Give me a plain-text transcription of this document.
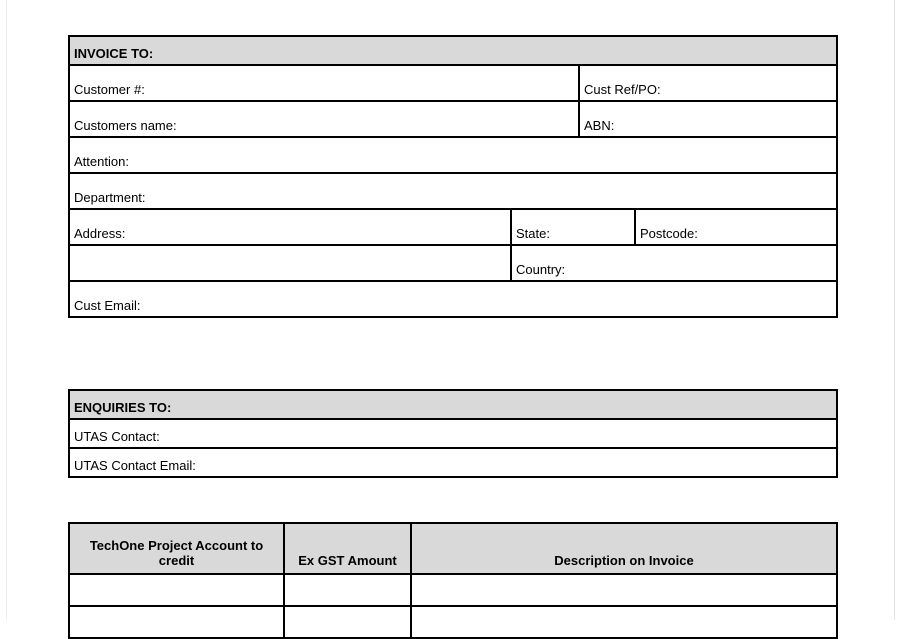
INVOICE TO:			
Customer #:		Cust Ref/PO:	
Customers name:		ABN:	
Attention:			
Department:			
Address:	State:		Postcode:
	Country:		
Cust Email:			
ENQUIRIES TO:
UTAS Contact:
UTAS Contact Email:
TechOne Project Account to credit	Ex GST Amount	Description on Invoice
